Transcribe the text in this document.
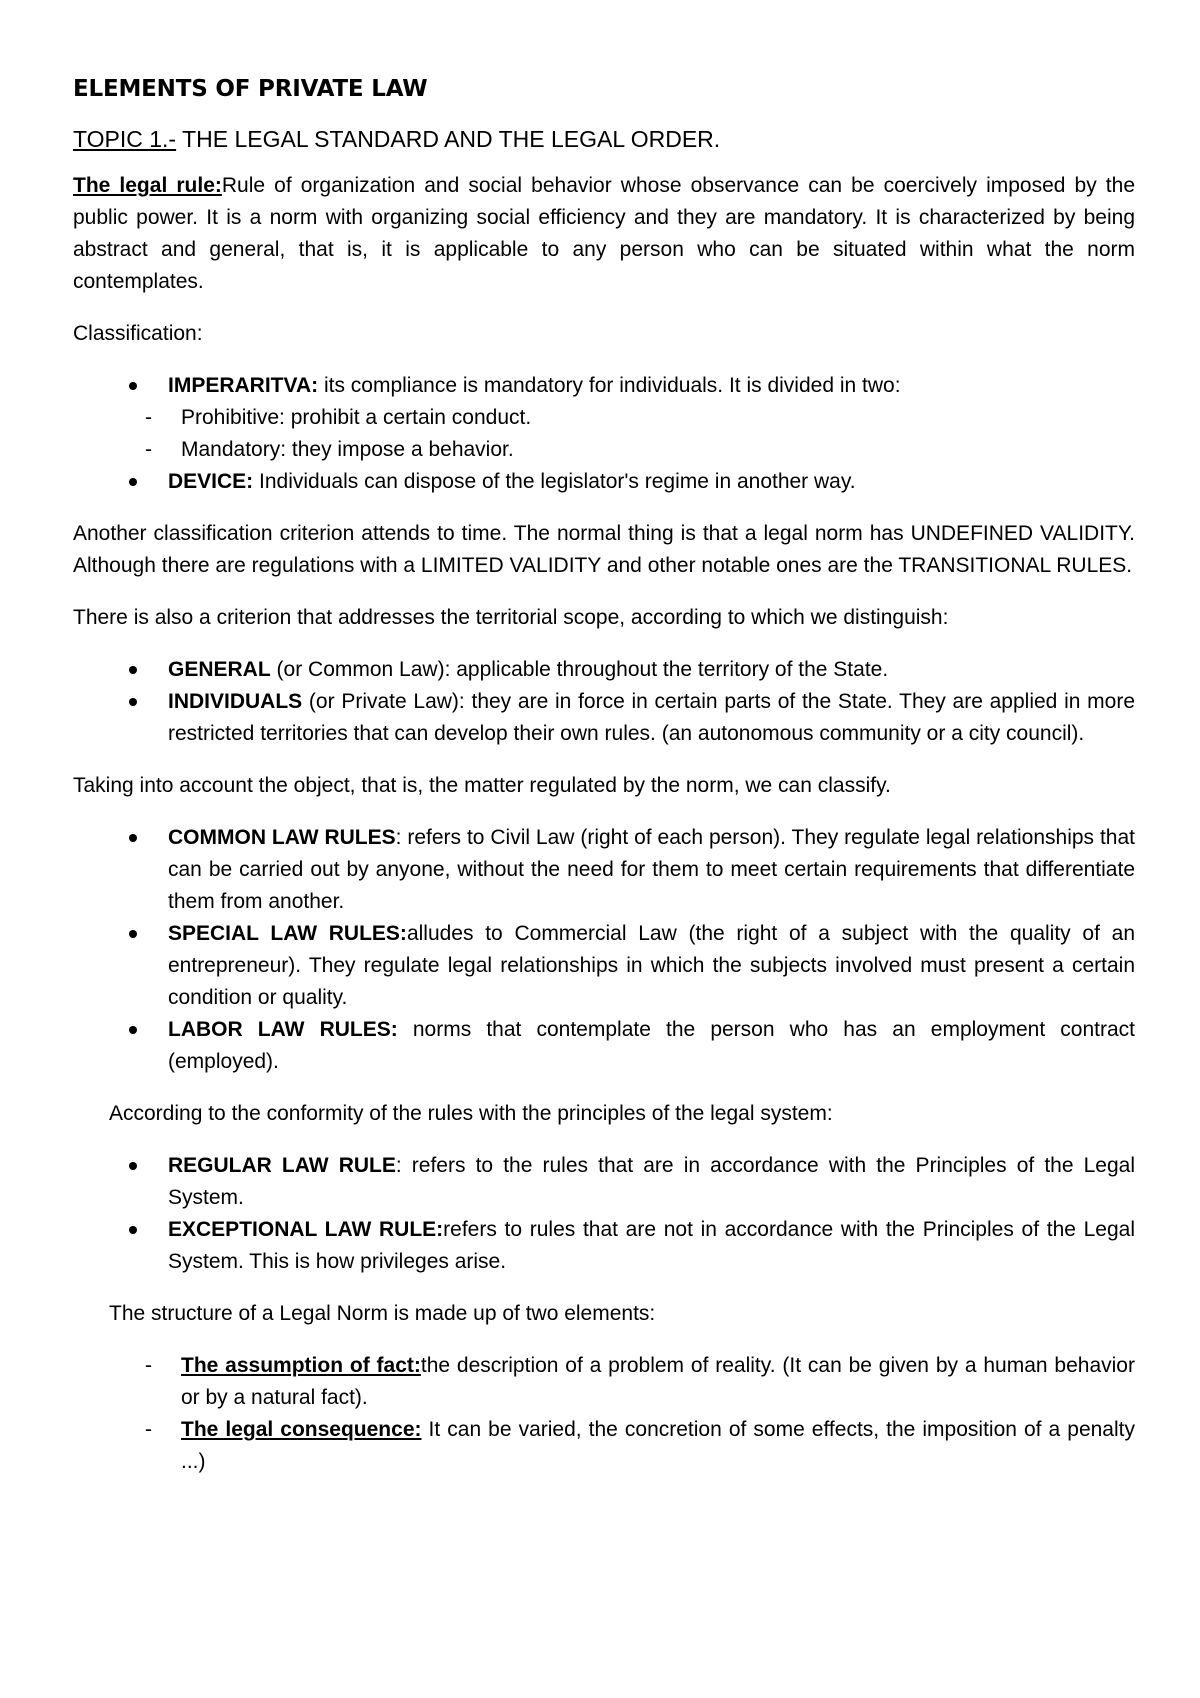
ELEMENTS OF PRIVATE LAW
TOPIC 1.- THE LEGAL STANDARD AND THE LEGAL ORDER.

The legal rule:Rule of organization and social behavior whose observance can be coercively imposed by the public power. It is a norm with organizing social efficiency and they are mandatory. It is characterized by being abstract and general, that is, it is applicable to any person who can be situated within what the norm contemplates.

Classification:

IMPERARITVA: its compliance is mandatory for individuals. It is divided in two:
- Prohibitive: prohibit a certain conduct.
- Mandatory: they impose a behavior.
DEVICE: Individuals can dispose of the legislator's regime in another way.

Another classification criterion attends to time. The normal thing is that a legal norm has UNDEFINED VALIDITY. Although there are regulations with a LIMITED VALIDITY and other notable ones are the TRANSITIONAL RULES.

There is also a criterion that addresses the territorial scope, according to which we distinguish:

GENERAL (or Common Law): applicable throughout the territory of the State.
INDIVIDUALS (or Private Law): they are in force in certain parts of the State. They are applied in more restricted territories that can develop their own rules. (an autonomous community or a city council).

Taking into account the object, that is, the matter regulated by the norm, we can classify.

COMMON LAW RULES: refers to Civil Law (right of each person). They regulate legal relationships that can be carried out by anyone, without the need for them to meet certain requirements that differentiate them from another.
SPECIAL LAW RULES:alludes to Commercial Law (the right of a subject with the quality of an entrepreneur). They regulate legal relationships in which the subjects involved must present a certain condition or quality.
LABOR LAW RULES: norms that contemplate the person who has an employment contract (employed).

According to the conformity of the rules with the principles of the legal system:

REGULAR LAW RULE: refers to the rules that are in accordance with the Principles of the Legal System.
EXCEPTIONAL LAW RULE:refers to rules that are not in accordance with the Principles of the Legal System. This is how privileges arise.

The structure of a Legal Norm is made up of two elements:

- The assumption of fact:the description of a problem of reality. (It can be given by a human behavior or by a natural fact).
- The legal consequence: It can be varied, the concretion of some effects, the imposition of a penalty ...)
